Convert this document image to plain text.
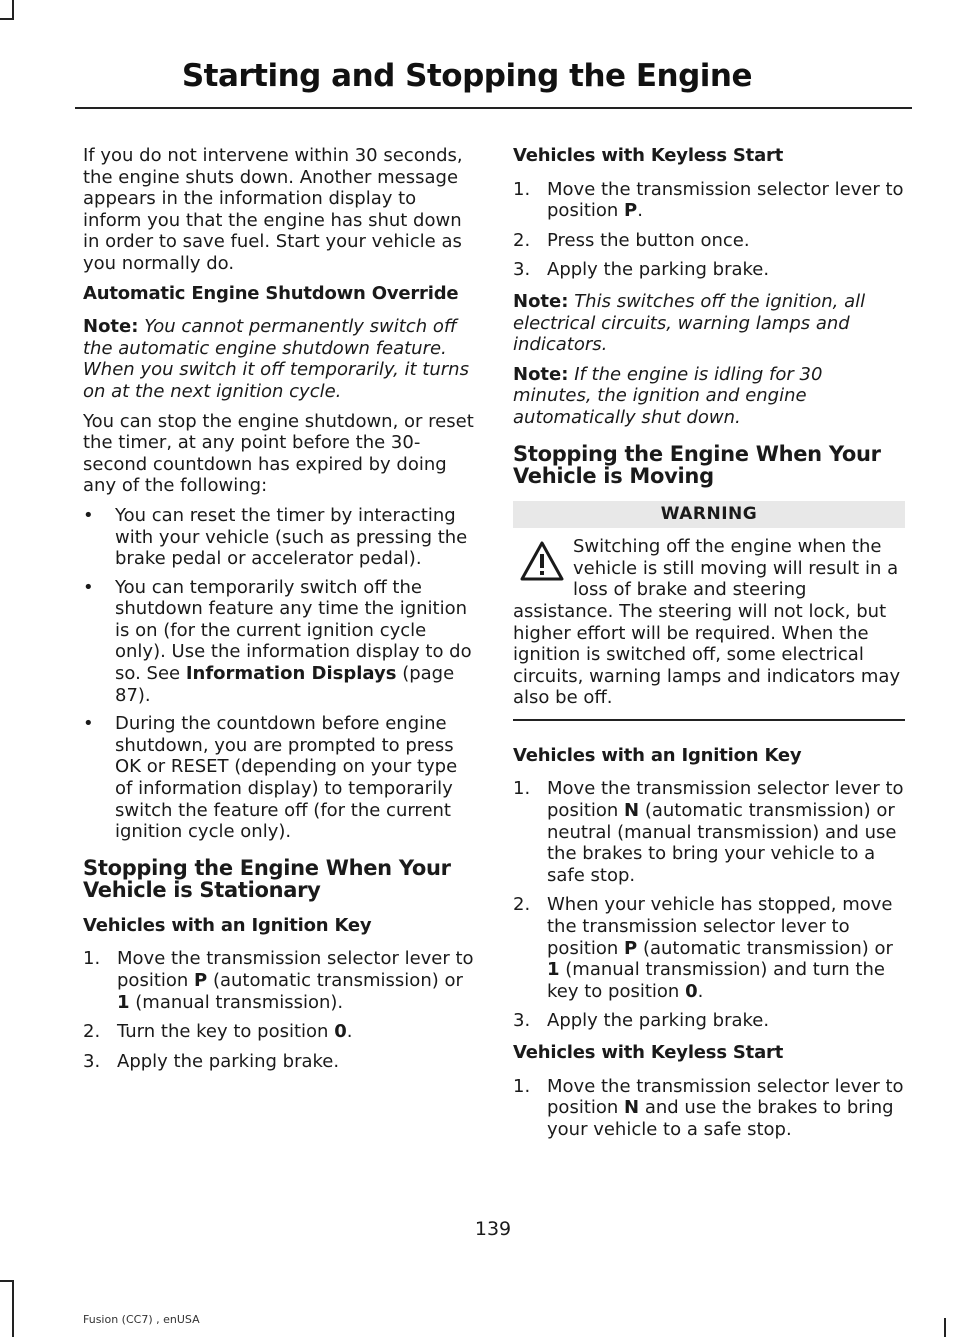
Starting and Stopping the Engine

If you do not intervene within 30 seconds, the engine shuts down. Another message appears in the information display to inform you that the engine has shut down in order to save fuel. Start your vehicle as you normally do.

Automatic Engine Shutdown Override

Note: You cannot permanently switch off the automatic engine shutdown feature. When you switch it off temporarily, it turns on at the next ignition cycle.

You can stop the engine shutdown, or reset the timer, at any point before the 30-second countdown has expired by doing any of the following:

• You can reset the timer by interacting with your vehicle (such as pressing the brake pedal or accelerator pedal).
• You can temporarily switch off the shutdown feature any time the ignition is on (for the current ignition cycle only). Use the information display to do so. See Information Displays (page 87).
• During the countdown before engine shutdown, you are prompted to press OK or RESET (depending on your type of information display) to temporarily switch the feature off (for the current ignition cycle only).
Stopping the Engine When Your Vehicle is Stationary
Vehicles with an Ignition Key
1. Move the transmission selector lever to position P (automatic transmission) or 1 (manual transmission).
2. Turn the key to position 0.
3. Apply the parking brake.
Vehicles with Keyless Start
1. Move the transmission selector lever to position P.
2. Press the button once.
3. Apply the parking brake.

Note: This switches off the ignition, all electrical circuits, warning lamps and indicators.

Note: If the engine is idling for 30 minutes, the ignition and engine automatically shut down.

Stopping the Engine When Your Vehicle is Moving
WARNING

Switching off the engine when the vehicle is still moving will result in a loss of brake and steering assistance. The steering will not lock, but higher effort will be required. When the ignition is switched off, some electrical circuits, warning lamps and indicators may also be off.

Vehicles with an Ignition Key
1. Move the transmission selector lever to position N (automatic transmission) or neutral (manual transmission) and use the brakes to bring your vehicle to a safe stop.
2. When your vehicle has stopped, move the transmission selector lever to position P (automatic transmission) or 1 (manual transmission) and turn the key to position 0.
3. Apply the parking brake.
Vehicles with Keyless Start
1. Move the transmission selector lever to position N and use the brakes to bring your vehicle to a safe stop.
139
Fusion (CC7) , enUSA
